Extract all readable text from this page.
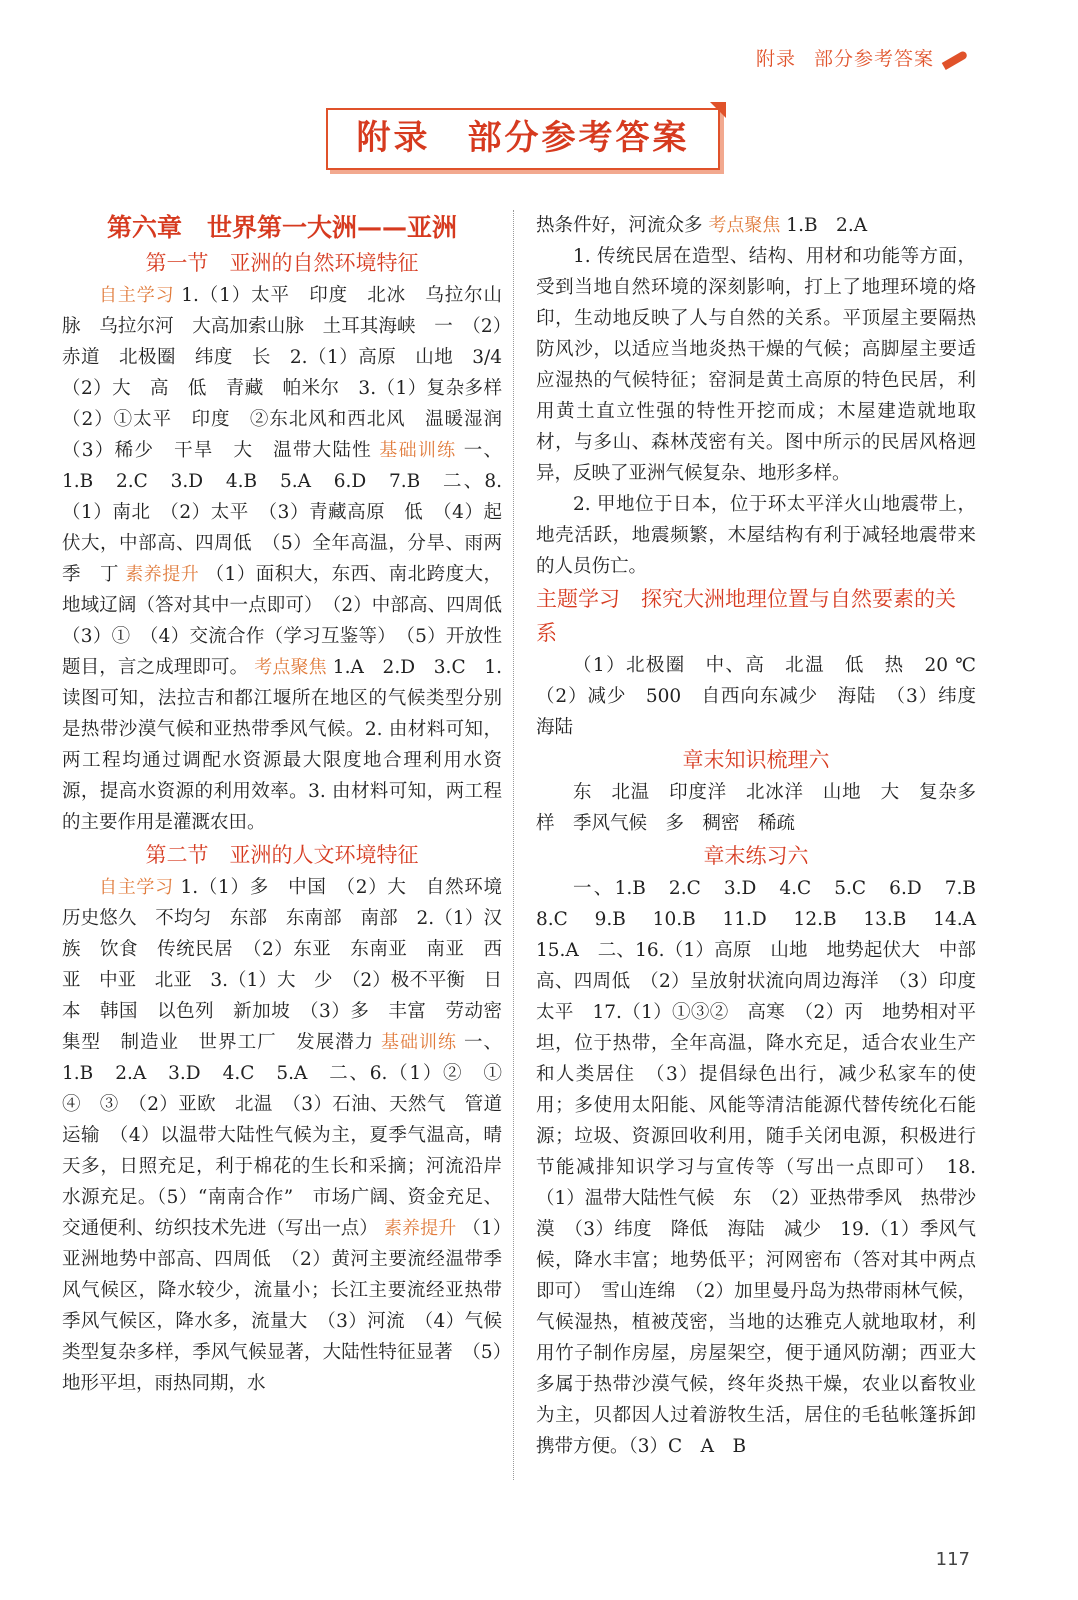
附录 部分参考答案
附录　部分参考答案
第六章　世界第一大洲——亚洲
第一节　亚洲的自然环境特征

自主学习 1.（1）太平　印度　北冰　乌拉尔山脉　乌拉尔河　大高加索山脉　土耳其海峡　一　（2）赤道　北极圈　纬度　长　2.（1）高原　山地　3/4　（2）大　高　低　青藏　帕米尔　3.（1）复杂多样　（2）①太平　印度　②东北风和西北风　温暖湿润　（3）稀少　干旱　大　温带大陆性 基础训练 一、1.B　2.C　3.D　4.B　5.A　6.D　7.B　二、8.（1）南北　（2）太平　（3）青藏高原　低　（4）起伏大，中部高、四周低　（5）全年高温，分旱、雨两季　丁 素养提升 （1）面积大，东西、南北跨度大，地域辽阔（答对其中一点即可）　（2）中部高、四周低　（3）①　（4）交流合作（学习互鉴等）　（5）开放性题目，言之成理即可。 考点聚焦 1.A　2.D　3.C　1. 读图可知，法拉吉和都江堰所在地区的气候类型分别是热带沙漠气候和亚热带季风气候。2. 由材料可知，两工程均通过调配水资源最大限度地合理利用水资源，提高水资源的利用效率。3. 由材料可知，两工程的主要作用是灌溉农田。

第二节　亚洲的人文环境特征

自主学习 1.（1）多　中国　（2）大　自然环境　历史悠久　不均匀　东部　东南部　南部　2.（1）汉族　饮食　传统民居　（2）东亚　东南亚　南亚　西亚　中亚　北亚　3.（1）大　少　（2）极不平衡　日本　韩国　以色列　新加坡　（3）多　丰富　劳动密集型　制造业　世界工厂　发展潜力 基础训练 一、1.B　2.A　3.D　4.C　5.A　二、6.（1）②　①　④　③　（2）亚欧　北温　（3）石油、天然气　管道运输　（4）以温带大陆性气候为主，夏季气温高，晴天多，日照充足，利于棉花的生长和采摘；河流沿岸水源充足。（5）“南南合作”　市场广阔、资金充足、交通便利、纺织技术先进（写出一点） 素养提升 （1）亚洲地势中部高、四周低　（2）黄河主要流经温带季风气候区，降水较少，流量小；长江主要流经亚热带季风气候区，降水多，流量大　（3）河流　（4）气候类型复杂多样，季风气候显著，大陆性特征显著　（5）地形平坦，雨热同期，水

热条件好，河流众多 考点聚焦 1.B　2.A

1. 传统民居在造型、结构、用材和功能等方面，受到当地自然环境的深刻影响，打上了地理环境的烙印，生动地反映了人与自然的关系。平顶屋主要隔热防风沙，以适应当地炎热干燥的气候；高脚屋主要适应湿热的气候特征；窑洞是黄土高原的特色民居，利用黄土直立性强的特性开挖而成；木屋建造就地取材，与多山、森林茂密有关。图中所示的民居风格迥异，反映了亚洲气候复杂、地形多样。

2. 甲地位于日本，位于环太平洋火山地震带上，地壳活跃，地震频繁，木屋结构有利于减轻地震带来的人员伤亡。

主题学习　 探究大洲地理位置与自然要素的关系

（1）北极圈　中、高　北温　低　热　20 ℃　（2）减少　500　自西向东减少　海陆　（3）纬度　海陆

章末知识梳理六

东　北温　印度洋　北冰洋　山地　大　复杂多样　季风气候　多　稠密　稀疏

章末练习六

一、1.B　2.C　3.D　4.C　5.C　6.D　7.B　8.C　9.B　10.B　11.D　12.B　13.B　14.A　15.A　二、16.（1）高原　山地　地势起伏大　中部高、四周低　（2）呈放射状流向周边海洋　（3）印度　太平　17.（1）①③②　高寒　（2）丙　地势相对平坦，位于热带，全年高温，降水充足，适合农业生产和人类居住　（3）提倡绿色出行，减少私家车的使用；多使用太阳能、风能等清洁能源代替传统化石能源；垃圾、资源回收利用，随手关闭电源，积极进行节能减排知识学习与宣传等（写出一点即可）　18.（1）温带大陆性气候　东　（2）亚热带季风　热带沙漠　（3）纬度　降低　海陆　减少　19.（1）季风气候，降水丰富；地势低平；河网密布（答对其中两点即可）　雪山连绵　（2）加里曼丹岛为热带雨林气候，气候湿热，植被茂密，当地的达雅克人就地取材，利用竹子制作房屋，房屋架空，便于通风防潮；西亚大多属于热带沙漠气候，终年炎热干燥，农业以畜牧业为主，贝都因人过着游牧生活，居住的毛毡帐篷拆卸携带方便。（3）C　A　B

117
